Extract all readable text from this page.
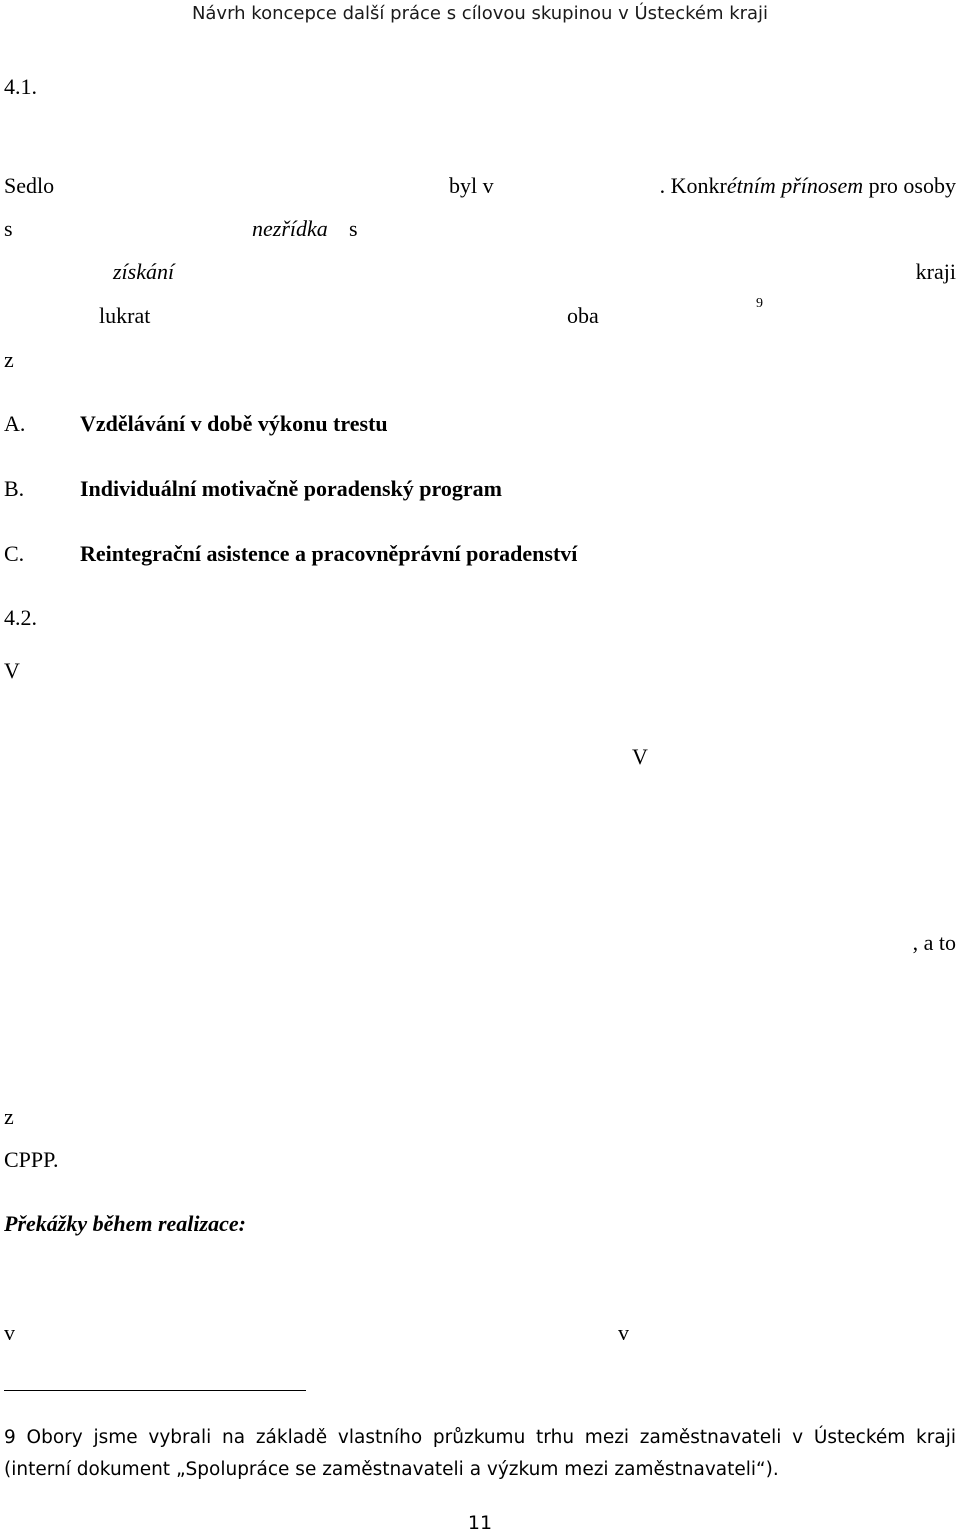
Návrh koncepce další práce s cílovou skupinou v Ústeckém kraji
4.1.
Sedlo	byl v	. Konkrétním přínosem pro osoby
s	nezřídka s
získání	kraji
lukrat	oba	9
z
A. Vzdělávání v době výkonu trestu
B.	Individuální motivačně poradenský program
C.	Reintegrační asistence a pracovněprávní poradenství
4.2.
V
V
, a to
z
CPPP.
Překážky během realizace:
v	v
9 Obory jsme vybrali na základě vlastního průzkumu trhu mezi zaměstnavateli v Ústeckém kraji
(interní dokument „Spolupráce se zaměstnavateli a výzkum mezi zaměstnavateli“).
11
